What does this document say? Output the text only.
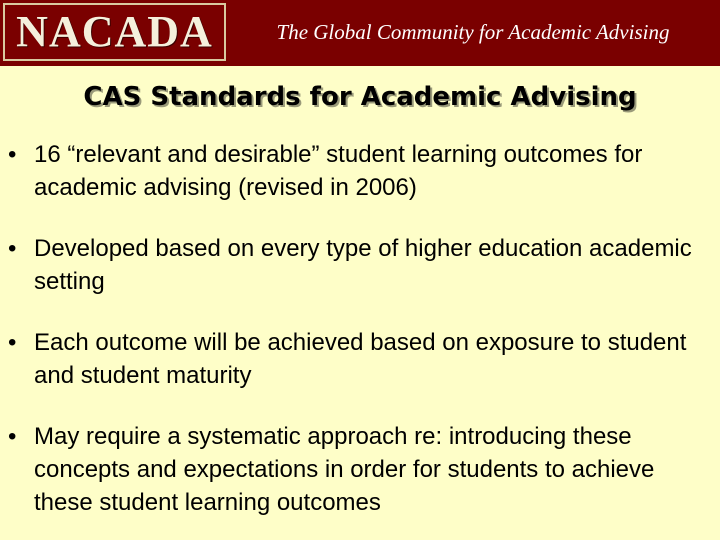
NACADA	The Global Community for Academic Advising
CAS Standards for Academic Advising
• 16 “relevant and desirable” student learning outcomes for academic advising (revised in 2006)
• Developed based on every type of higher education academic setting
• Each outcome will be achieved based on exposure to student and student maturity
• May require a systematic approach re: introducing these concepts and expectations in order for students to achieve these student learning outcomes
